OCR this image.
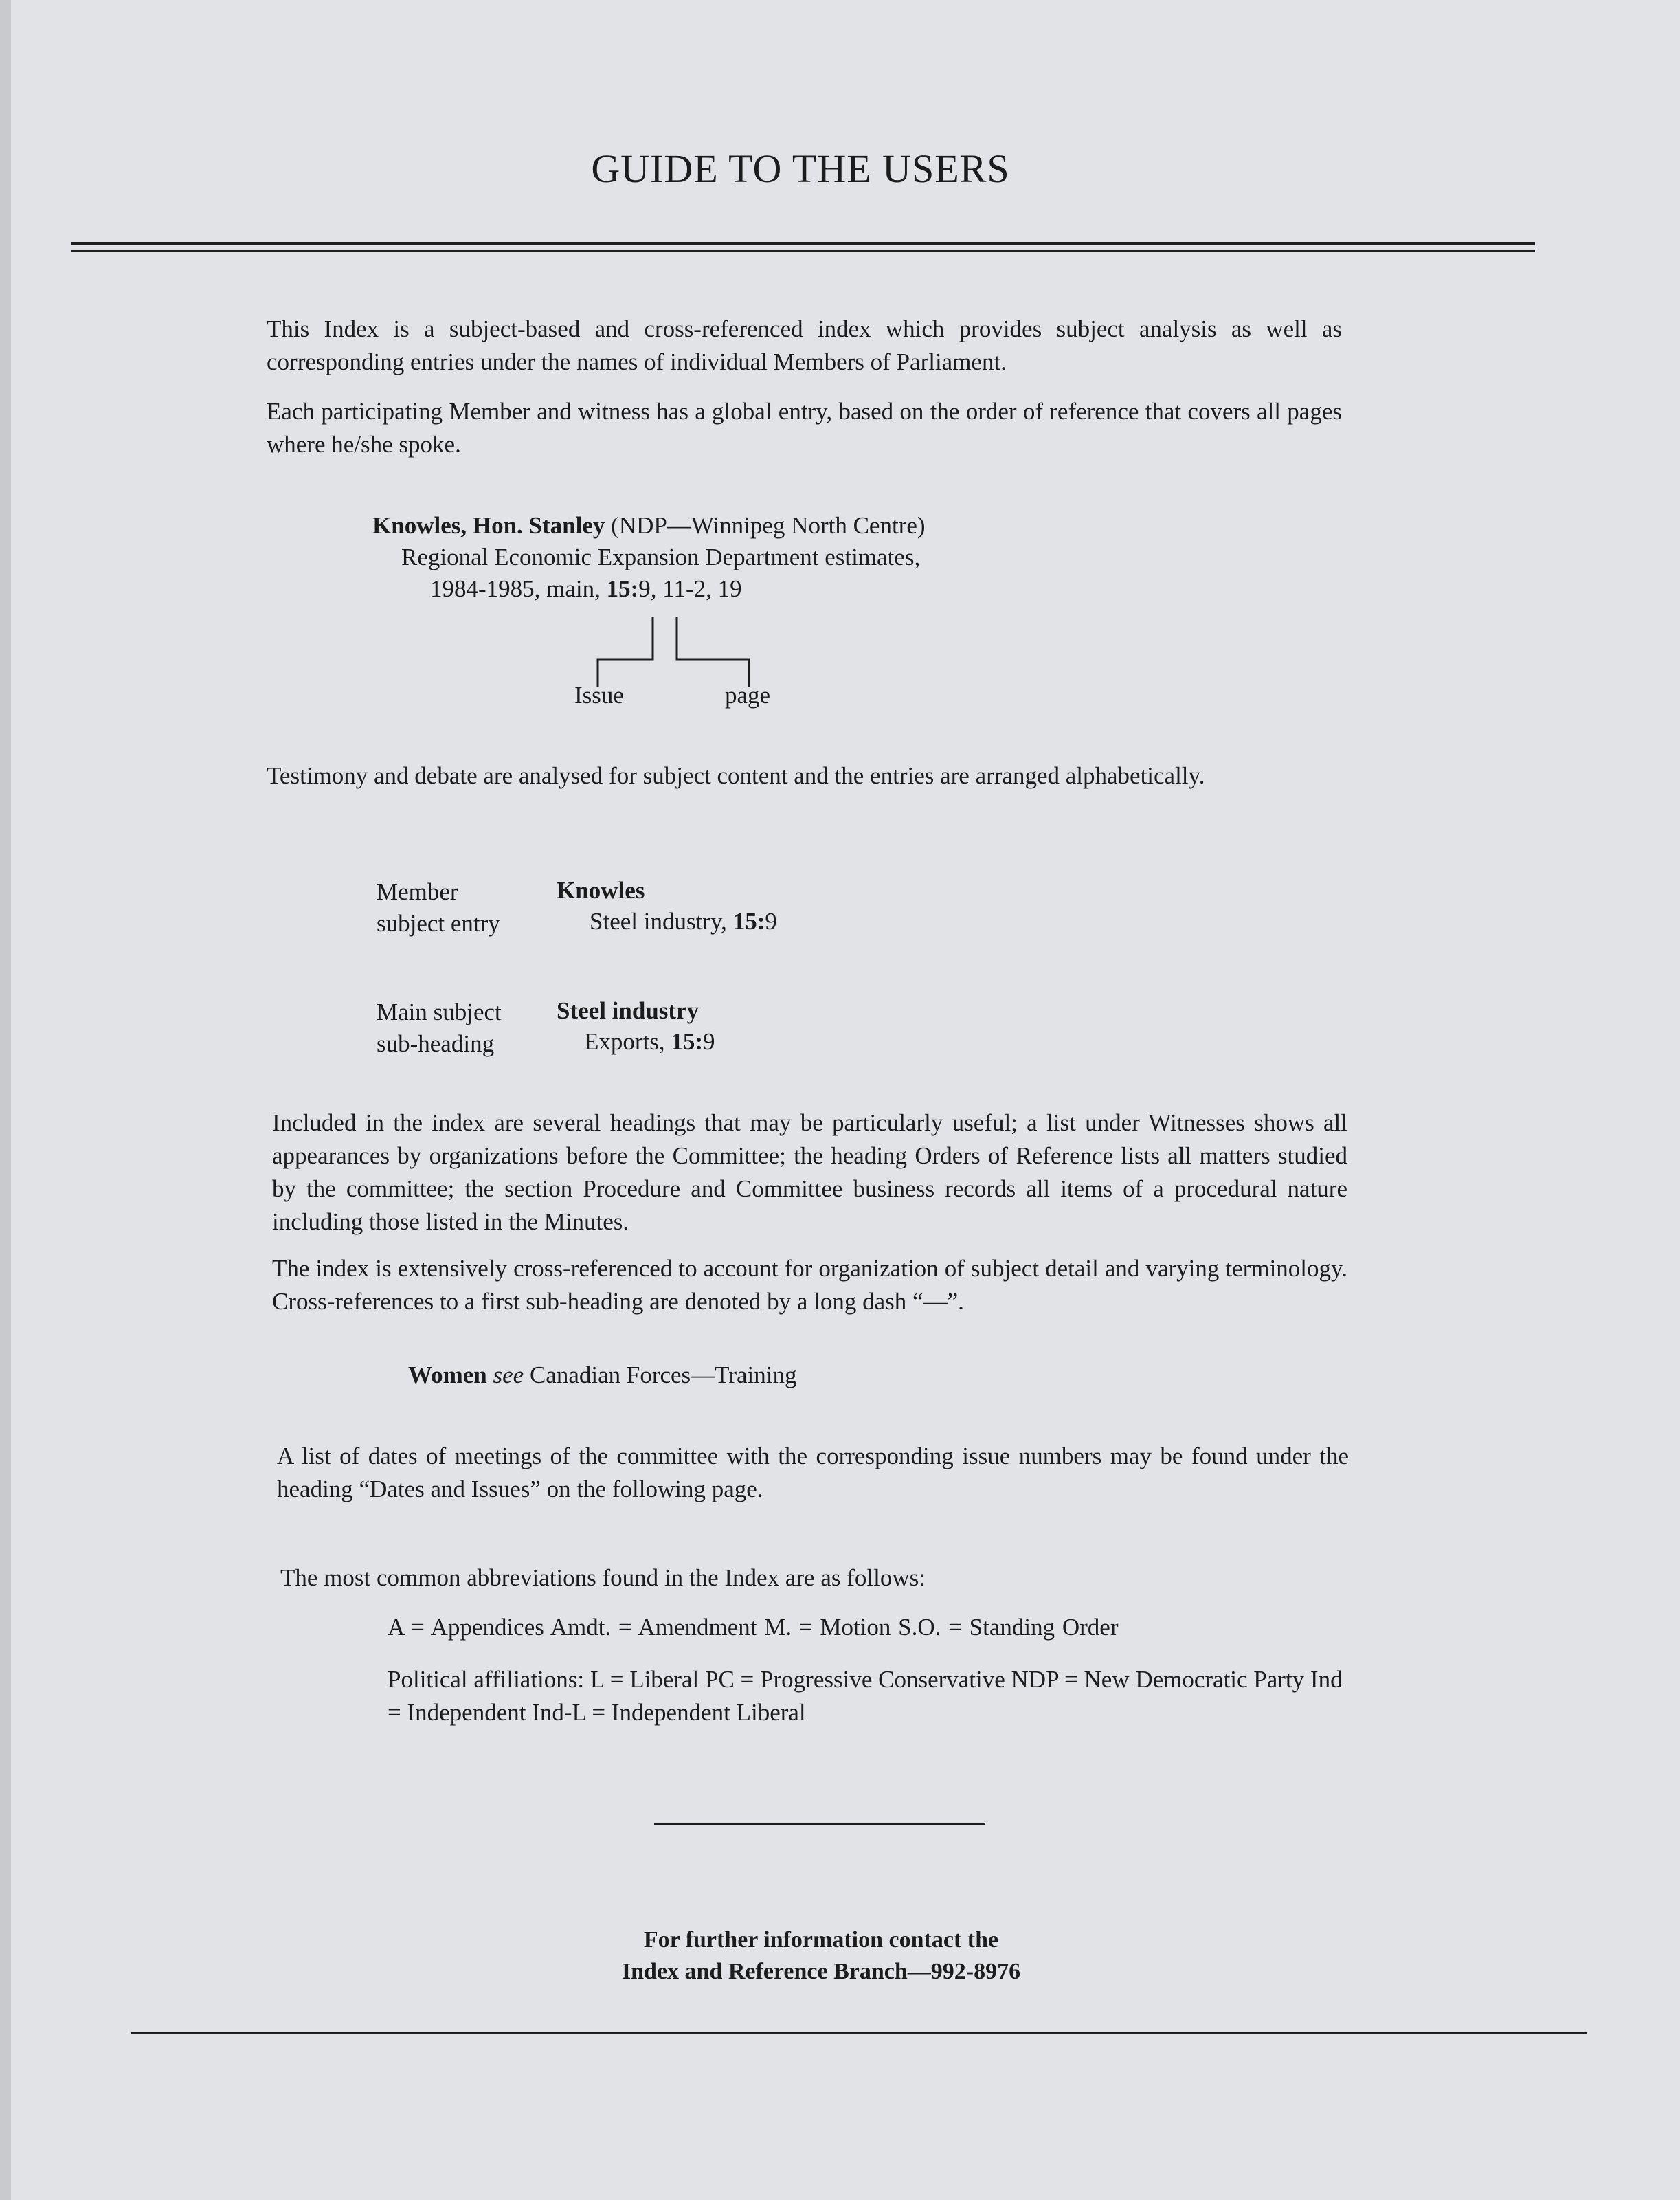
GUIDE TO THE USERS

This Index is a subject-based and cross-referenced index which provides subject analysis as well as corresponding entries under the names of individual Members of Parliament.

Each participating Member and witness has a global entry, based on the order of reference that covers all pages where he/she spoke.

Knowles, Hon. Stanley (NDP—Winnipeg North Centre)
Regional Economic Expansion Department estimates,
1984-1985, main, 15:9, 11-2, 19
Issue	page

Testimony and debate are analysed for subject content and the entries are arranged alphabetically.

Member
subject entry
Knowles
Steel industry, 15:9
Main subject
sub-heading
Steel industry
Exports, 15:9

Included in the index are several headings that may be particularly useful; a list under Witnesses shows all appearances by organizations before the Committee; the heading Orders of Reference lists all matters studied by the committee; the section Procedure and Committee business records all items of a procedural nature including those listed in the Minutes.

The index is extensively cross-referenced to account for organization of subject detail and varying terminology. Cross-references to a first sub-heading are denoted by a long dash “—”.

Women see Canadian Forces—Training

A list of dates of meetings of the committee with the corresponding issue numbers may be found under the heading “Dates and Issues” on the following page.

The most common abbreviations found in the Index are as follows:

A = Appendices Amdt. = Amendment M. = Motion S.O. = Standing Order

Political affiliations: L = Liberal PC = Progressive Conservative NDP = New Democratic Party Ind = Independent Ind-L = Independent Liberal

For further information contact the
Index and Reference Branch—992-8976
